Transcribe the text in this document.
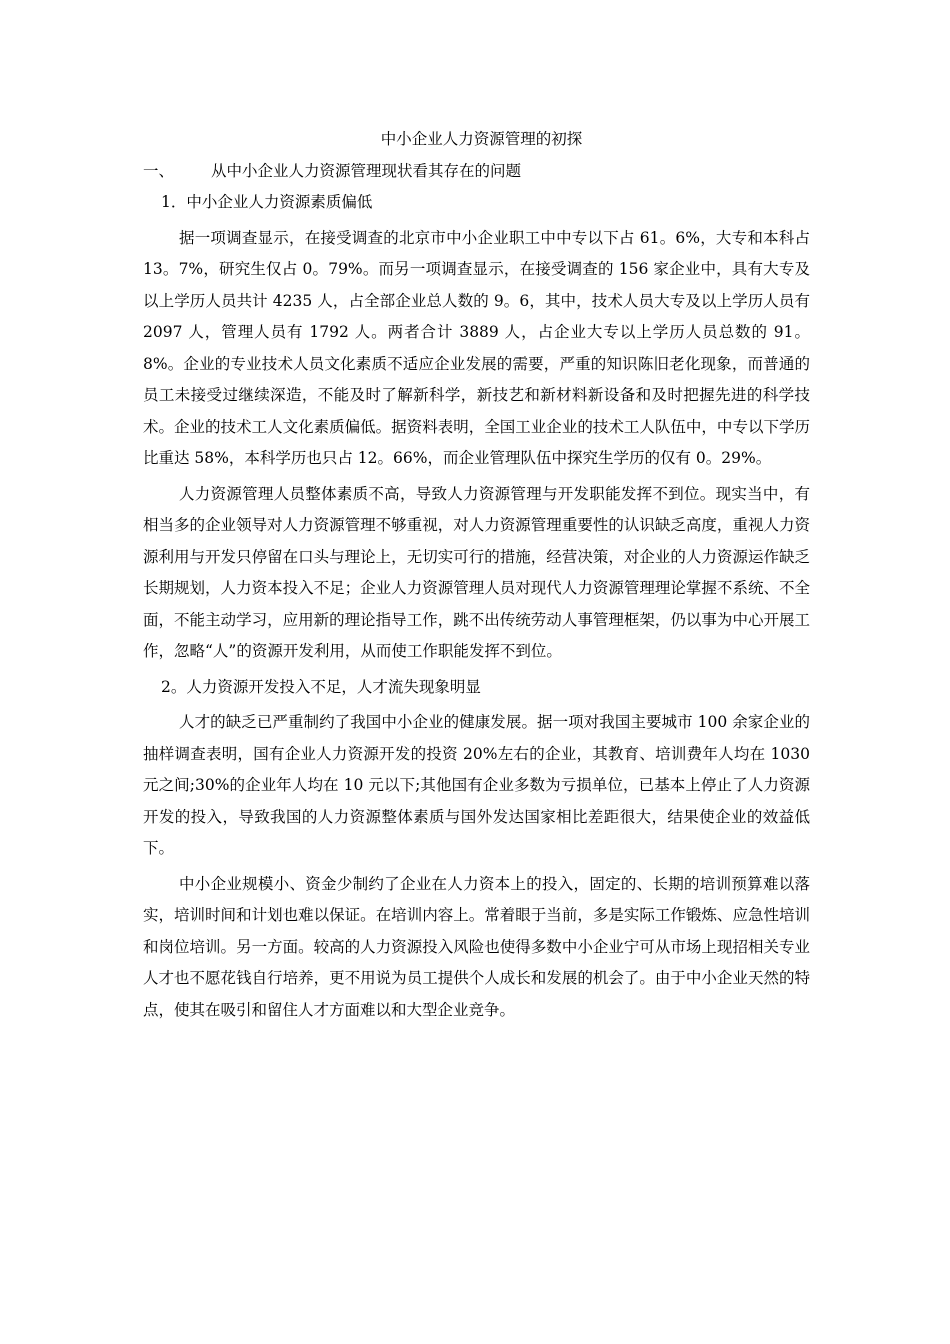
中小企业人力资源管理的初探

一、 从中小企业人力资源管理现状看其存在的问题

1．中小企业人力资源素质偏低

据一项调查显示，在接受调查的北京市中小企业职工中中专以下占 61。6%，大专和本科占 13。7%，研究生仅占 0。79%。而另一项调查显示，在接受调查的 156 家企业中，具有大专及以上学历人员共计 4235 人，占全部企业总人数的 9。6，其中，技术人员大专及以上学历人员有 2097 人，管理人员有 1792 人。两者合计 3889 人，占企业大专以上学历人员总数的 91。8%。企业的专业技术人员文化素质不适应企业发展的需要，严重的知识陈旧老化现象，而普通的员工未接受过继续深造，不能及时了解新科学，新技艺和新材料新设备和及时把握先进的科学技术。企业的技术工人文化素质偏低。据资料表明，全国工业企业的技术工人队伍中，中专以下学历比重达 58%，本科学历也只占 12。66%，而企业管理队伍中探究生学历的仅有 0。29%。

人力资源管理人员整体素质不高，导致人力资源管理与开发职能发挥不到位。现实当中，有相当多的企业领导对人力资源管理不够重视，对人力资源管理重要性的认识缺乏高度，重视人力资源利用与开发只停留在口头与理论上，无切实可行的措施，经营决策，对企业的人力资源运作缺乏长期规划，人力资本投入不足；企业人力资源管理人员对现代人力资源管理理论掌握不系统、不全面，不能主动学习，应用新的理论指导工作，跳不出传统劳动人事管理框架，仍以事为中心开展工作，忽略“人”的资源开发利用，从而使工作职能发挥不到位。

2。人力资源开发投入不足，人才流失现象明显

人才的缺乏已严重制约了我国中小企业的健康发展。据一项对我国主要城市 100 余家企业的抽样调查表明，国有企业人力资源开发的投资 20%左右的企业，其教育、培训费年人均在 1030 元之间;30%的企业年人均在 10 元以下;其他国有企业多数为亏损单位，已基本上停止了人力资源开发的投入，导致我国的人力资源整体素质与国外发达国家相比差距很大，结果使企业的效益低下。

中小企业规模小、资金少制约了企业在人力资本上的投入，固定的、长期的培训预算难以落实，培训时间和计划也难以保证。在培训内容上。常着眼于当前，多是实际工作锻炼、应急性培训和岗位培训。另一方面。较高的人力资源投入风险也使得多数中小企业宁可从市场上现招相关专业人才也不愿花钱自行培养，更不用说为员工提供个人成长和发展的机会了。由于中小企业天然的特点，使其在吸引和留住人才方面难以和大型企业竞争。
